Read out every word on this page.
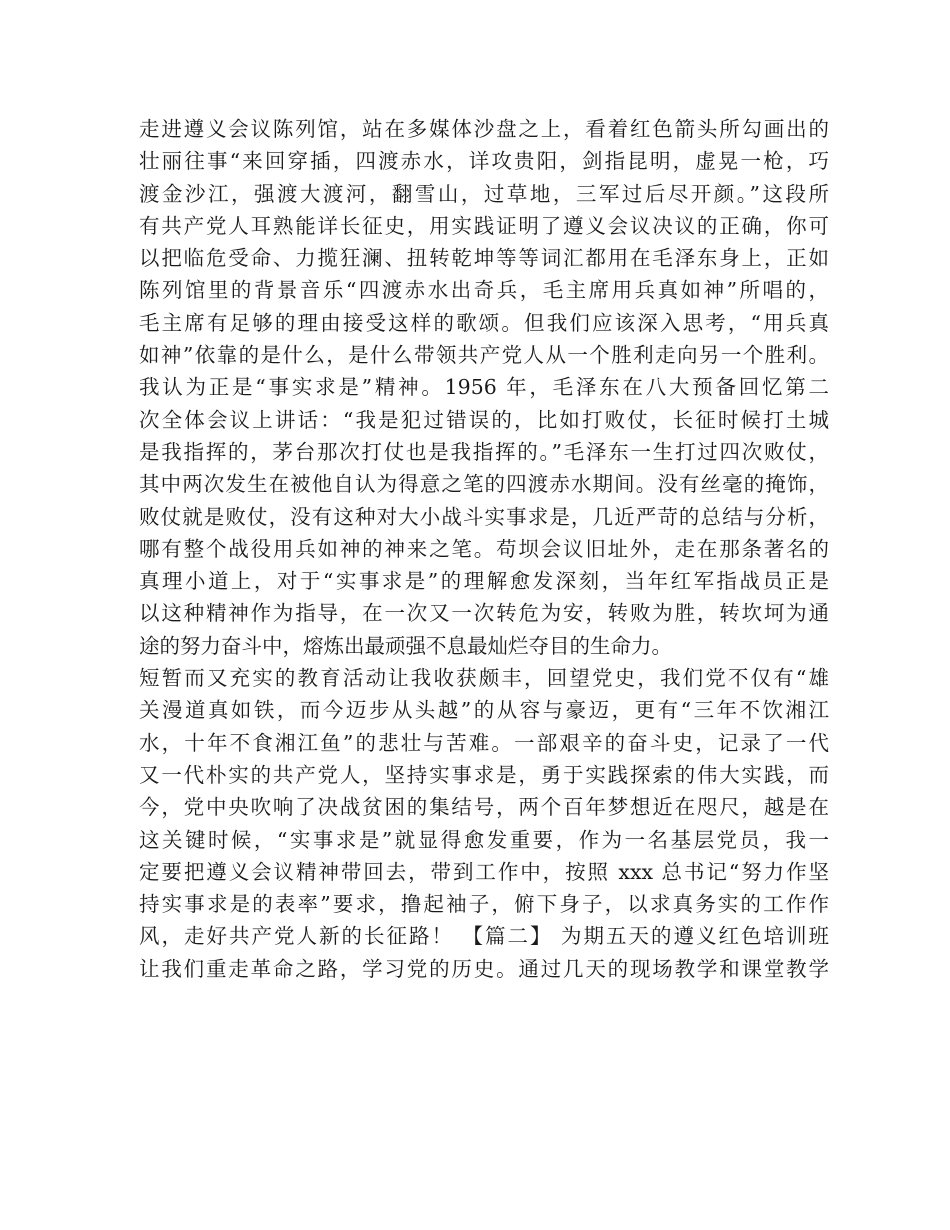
走进遵义会议陈列馆，站在多媒体沙盘之上，看着红色箭头所勾画出的
壮丽往事“来回穿插，四渡赤水，详攻贵阳，剑指昆明，虚晃一枪，巧
渡金沙江，强渡大渡河，翻雪山，过草地，三军过后尽开颜。”这段所
有共产党人耳熟能详长征史，用实践证明了遵义会议决议的正确，你可
以把临危受命、力揽狂澜、扭转乾坤等等词汇都用在毛泽东身上，正如
陈列馆里的背景音乐“四渡赤水出奇兵，毛主席用兵真如神”所唱的，
毛主席有足够的理由接受这样的歌颂。但我们应该深入思考，“用兵真
如神”依靠的是什么，是什么带领共产党人从一个胜利走向另一个胜利。
我认为正是“事实求是”精神。1956 年，毛泽东在八大预备回忆第二
次全体会议上讲话：“我是犯过错误的，比如打败仗，长征时候打土城
是我指挥的，茅台那次打仗也是我指挥的。”毛泽东一生打过四次败仗，
其中两次发生在被他自认为得意之笔的四渡赤水期间。没有丝毫的掩饰，
败仗就是败仗，没有这种对大小战斗实事求是，几近严苛的总结与分析，
哪有整个战役用兵如神的神来之笔。苟坝会议旧址外，走在那条著名的
真理小道上，对于“实事求是”的理解愈发深刻，当年红军指战员正是
以这种精神作为指导，在一次又一次转危为安，转败为胜，转坎坷为通
途的努力奋斗中，熔炼出最顽强不息最灿烂夺目的生命力。
短暂而又充实的教育活动让我收获颇丰，回望党史，我们党不仅有“雄
关漫道真如铁，而今迈步从头越”的从容与豪迈，更有“三年不饮湘江
水，十年不食湘江鱼”的悲壮与苦难。一部艰辛的奋斗史，记录了一代
又一代朴实的共产党人，坚持实事求是，勇于实践探索的伟大实践，而
今，党中央吹响了决战贫困的集结号，两个百年梦想近在咫尺，越是在
这关键时候，“实事求是”就显得愈发重要，作为一名基层党员，我一
定要把遵义会议精神带回去，带到工作中，按照 xxx 总书记“努力作坚
持实事求是的表率”要求，撸起袖子，俯下身子，以求真务实的工作作
风，走好共产党人新的长征路！ 【篇二】 为期五天的遵义红色培训班
让我们重走革命之路，学习党的历史。通过几天的现场教学和课堂教学
